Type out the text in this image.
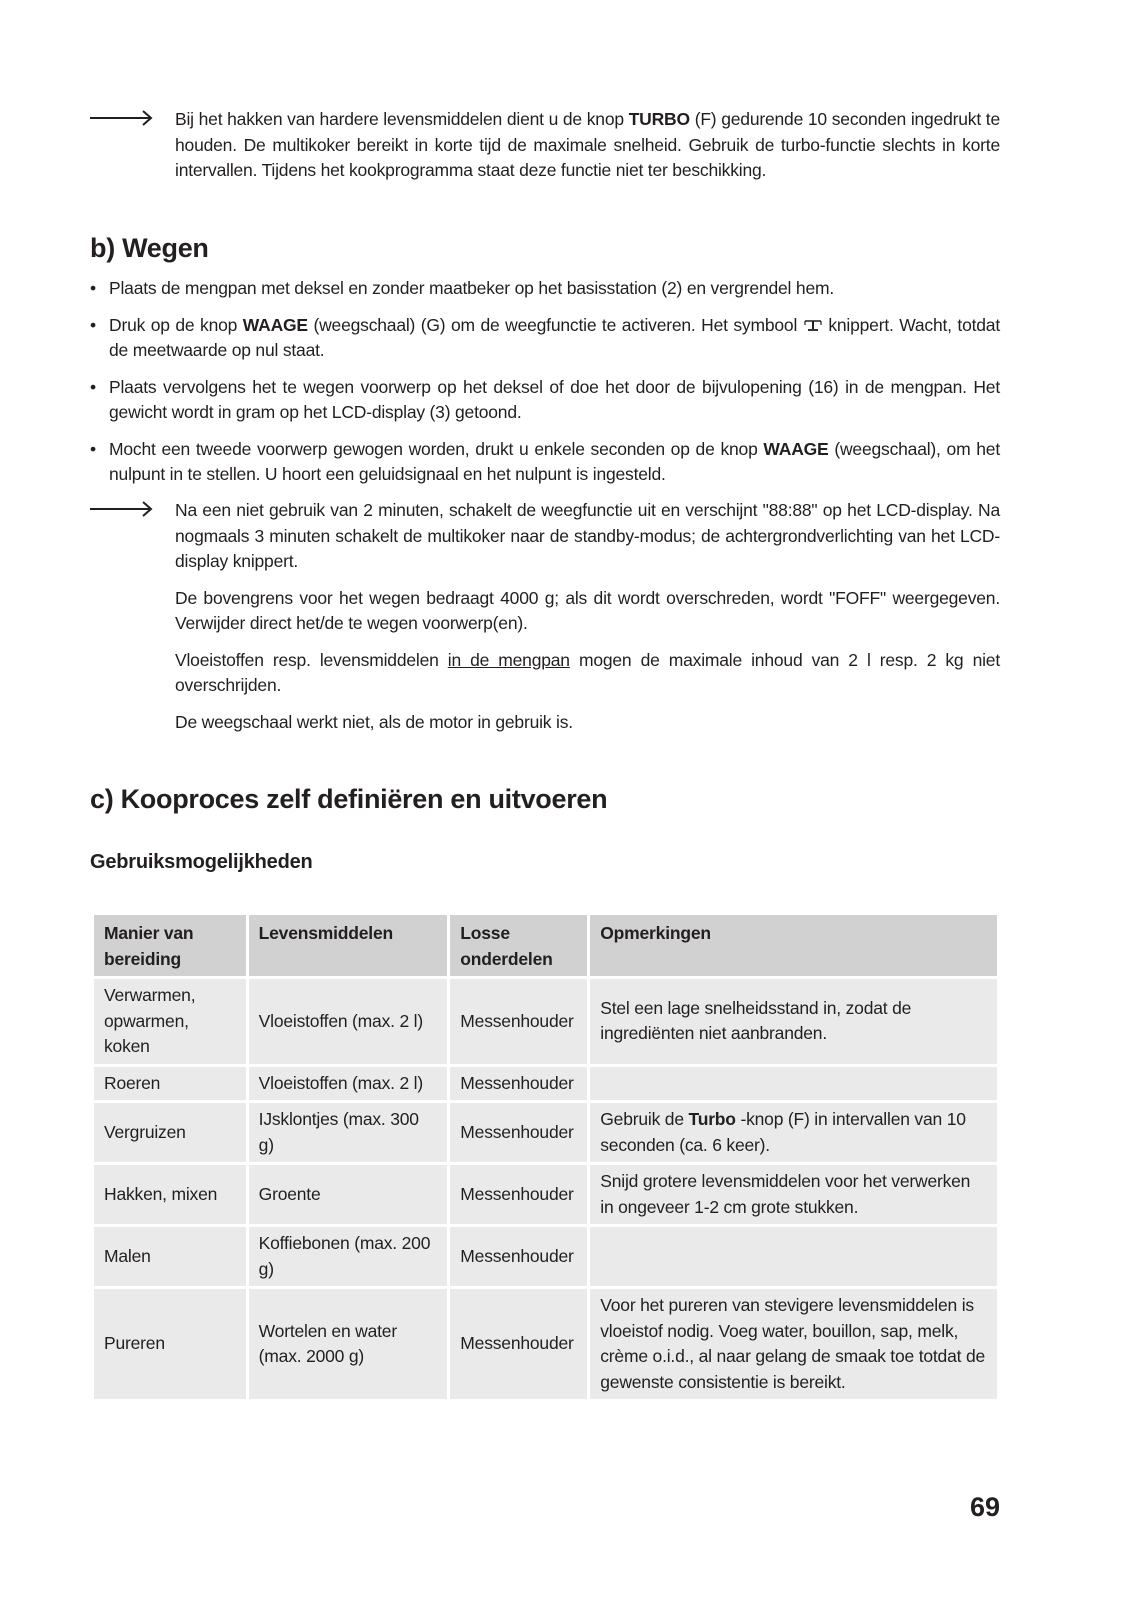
Bij het hakken van hardere levensmiddelen dient u de knop TURBO (F) gedurende 10 seconden ingedrukt te houden. De multikoker bereikt in korte tijd de maximale snelheid. Gebruik de turbo-functie slechts in korte intervallen. Tijdens het kookprogramma staat deze functie niet ter beschikking.

b) Wegen
• Plaats de mengpan met deksel en zonder maatbeker op het basisstation (2) en vergrendel hem.
• Druk op de knop WAAGE (weegschaal) (G) om de weegfunctie te activeren. Het symbool  knippert. Wacht, totdat de meetwaarde op nul staat.
• Plaats vervolgens het te wegen voorwerp op het deksel of doe het door de bijvulopening (16) in de mengpan. Het gewicht wordt in gram op het LCD-display (3) getoond.
• Mocht een tweede voorwerp gewogen worden, drukt u enkele seconden op de knop WAAGE (weegschaal), om het nulpunt in te stellen. U hoort een geluidsignaal en het nulpunt is ingesteld.

Na een niet gebruik van 2 minuten, schakelt de weegfunctie uit en verschijnt "88:88" op het LCD-display. Na nogmaals 3 minuten schakelt de multikoker naar de standby-modus; de achtergrondverlichting van het LCD-display knippert.

De bovengrens voor het wegen bedraagt 4000 g; als dit wordt overschreden, wordt "FOFF" weergegeven. Verwijder direct het/de te wegen voorwerp(en).

Vloeistoffen resp. levensmiddelen in de mengpan mogen de maximale inhoud van 2 l resp. 2 kg niet overschrijden.

De weegschaal werkt niet, als de motor in gebruik is.

c) Kooproces zelf definiëren en uitvoeren
Gebruiksmogelijkheden
Manier van bereiding	Levensmiddelen	Losse onderdelen	Opmerkingen
Verwarmen, opwarmen, koken	Vloeistoffen (max. 2 l)	Messenhouder	Stel een lage snelheidsstand in, zodat de ingrediënten niet aanbranden.
Roeren	Vloeistoffen (max. 2 l)	Messenhouder	
Vergruizen	IJsklontjes (max. 300 g)	Messenhouder	Gebruik de Turbo -knop (F) in intervallen van 10 seconden (ca. 6 keer).
Hakken, mixen	Groente	Messenhouder	Snijd grotere levensmiddelen voor het verwerken in ongeveer 1-2 cm grote stukken.
Malen	Koffiebonen (max. 200 g)	Messenhouder	
Pureren	Wortelen en water (max. 2000 g)	Messenhouder	Voor het pureren van stevigere levensmiddelen is vloeistof nodig. Voeg water, bouillon, sap, melk, crème o.i.d., al naar gelang de smaak toe totdat de gewenste consistentie is bereikt.
69
